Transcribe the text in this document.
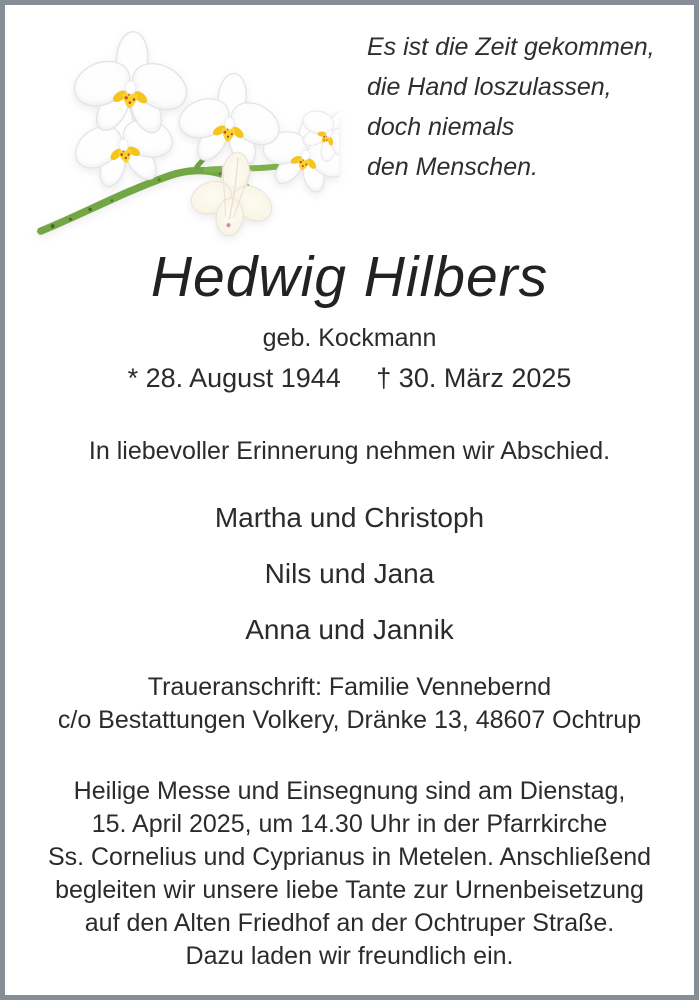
Es ist die Zeit gekommen,
die Hand loszulassen,
doch niemals
den Menschen.
Hedwig Hilbers
geb. Kockmann
* 28. August 1944 † 30. März 2025
In liebevoller Erinnerung nehmen wir Abschied.
Martha und Christoph
Nils und Jana
Anna und Jannik
Traueranschrift: Familie Vennebernd
c/o Bestattungen Volkery, Dränke 13, 48607 Ochtrup
Heilige Messe und Einsegnung sind am Dienstag,
15. April 2025, um 14.30 Uhr in der Pfarrkirche
Ss. Cornelius und Cyprianus in Metelen. Anschließend
begleiten wir unsere liebe Tante zur Urnenbeisetzung
auf den Alten Friedhof an der Ochtruper Straße.
Dazu laden wir freundlich ein.
